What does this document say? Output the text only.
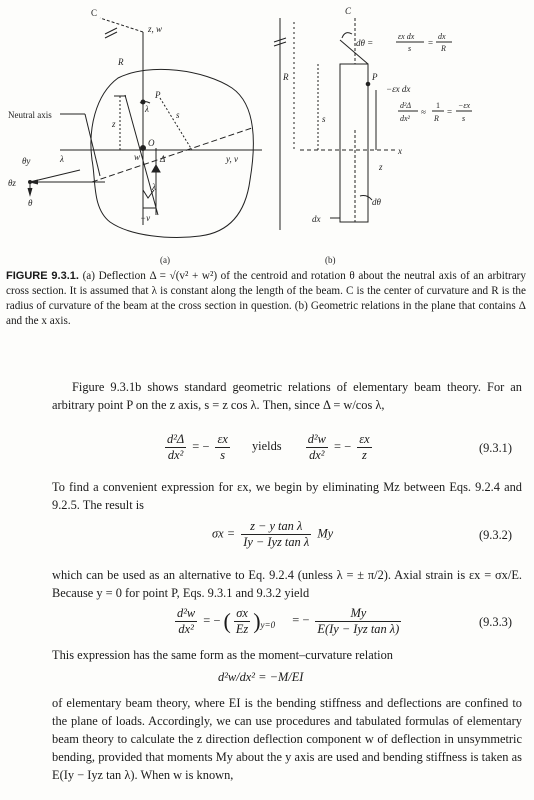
C
z, w
R
Neutral axis
P
λ
z
s
O
w Δ	y, v
λ
−v
θy
θz
θ
λ
(a)
C
dθ =
εx dx
s
=
dx
R
R	P
−εx dx
d²Δ
dx²
≈
1
R
=
−εx
s
s
x
z
dθ
dx
(b)
FIGURE 9.3.1. (a) Deflection Δ = √(v² + w²) of the centroid and rotation θ about the neutral axis of an arbitrary cross section. It is assumed that λ is constant along the length of the beam. C is the center of curvature and R is the radius of curvature of the beam at the cross section in question. (b) Geometric relations in the plane that contains Δ and the x axis.
Figure 9.3.1b shows standard geometric relations of elementary beam theory. For an arbitrary point P on the z axis, s = z cos λ. Then, since Δ = w/cos λ,
$\frac{\text{d²Δ}}{\text{dx²}}$ = − $\frac{\varepsilon x}{s}$ yields $\frac{\text{d²w}}{\text{dx²}}$ = − $\frac{\varepsilon x}{z}$	(9.3.1)
To find a convenient expression for εx, we begin by eliminating Mz between Eqs. 9.2.4 and 9.2.5. The result is
$\sigma x = \frac{\text{z − y tan λ}}{\text{Iy − Iyz tan λ}}$ My	(9.3.2)
which can be used as an alternative to Eq. 9.2.4 (unless λ = ± π/2). Axial strain is εx = σx/E. Because y = 0 for point P, Eqs. 9.3.1 and 9.3.2 yield
$\frac{\text{d²w}}{\text{dx²}}$ = − ( $\frac{\sigma x}{Ez} )_{y=0}$ = − $\frac{My}{\text{E(Iy − Iyz tan λ)}}$	(9.3.3)
This expression has the same form as the moment–curvature relation
d²w/dx² = −M/EI
of elementary beam theory, where EI is the bending stiffness and deflections are confined to the plane of loads. Accordingly, we can use procedures and tabulated formulas of elementary beam theory to calculate the z direction deflection component w of deflection in unsymmetric bending, provided that moments My about the y axis are used and bending stiffness is taken as E(Iy − Iyz tan λ). When w is known,
